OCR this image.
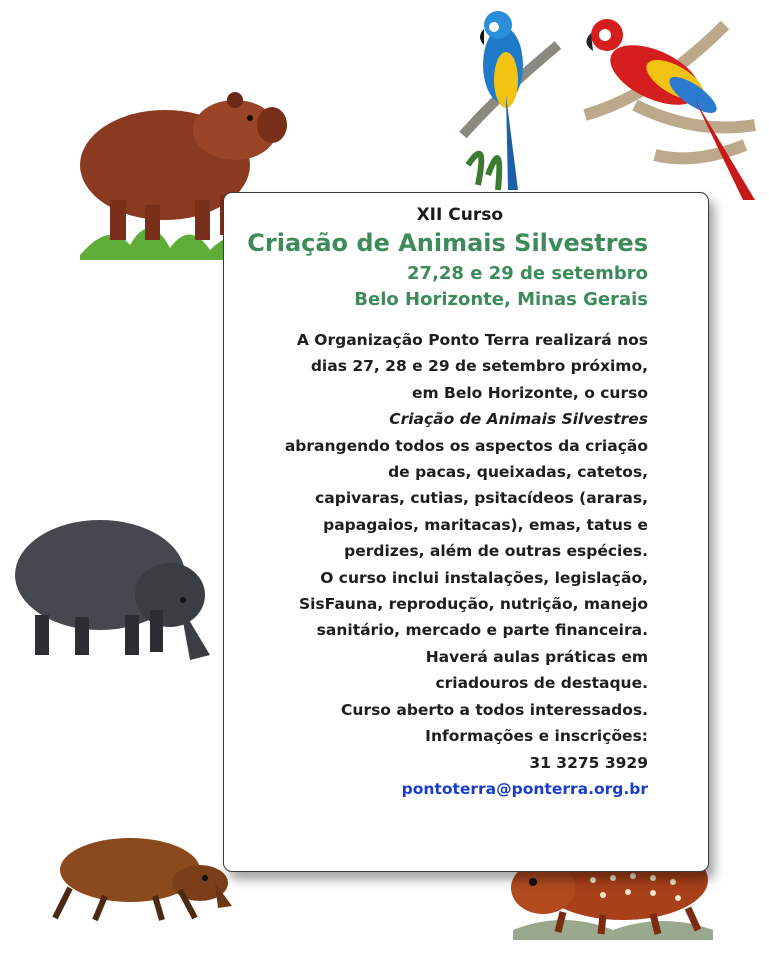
XII Curso
Criação de Animais Silvestres
27,28 e 29 de setembro
Belo Horizonte, Minas Gerais
A Organização Ponto Terra realizará nos
dias 27, 28 e 29 de setembro próximo,
em Belo Horizonte, o curso
Criação de Animais Silvestres
abrangendo todos os aspectos da criação
de pacas, queixadas, catetos,
capivaras, cutias, psitacídeos (araras,
papagaios, maritacas), emas, tatus e
perdizes, além de outras espécies.
O curso inclui instalações, legislação,
SisFauna, reprodução, nutrição, manejo
sanitário, mercado e parte financeira.
Haverá aulas práticas em
criadouros de destaque.
Curso aberto a todos interessados.
Informações e inscrições:
31 3275 3929
pontoterra@ponterra.org.br
